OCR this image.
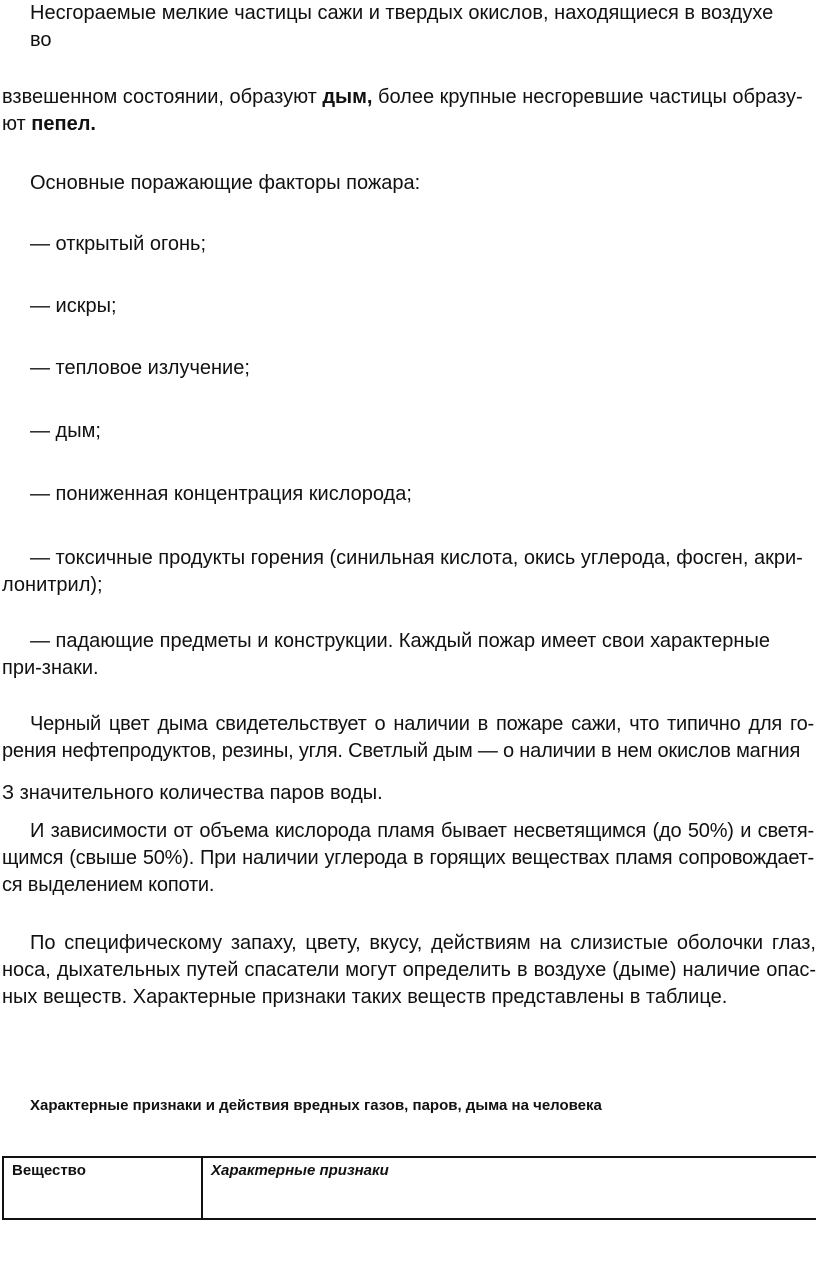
Несгораемые мелкие частицы сажи и твердых окислов, находящиеся в воздухе

во

взвешенном состоянии, образуют дым, более крупные несгоревшие частицы образу-ют пепел.

Основные поражающие факторы пожара:

— открытый огонь;

— искры;

— тепловое излучение;

— дым;

— пониженная концентрация кислорода;

— токсичные продукты горения (синильная кислота, окись углерода, фосген, акри-лонитрил);

— падающие предметы и конструкции. Каждый пожар имеет свои характерные при-знаки.

Черный цвет дыма свидетельствует о наличии в пожаре сажи, что типично для го-рения нефтепродуктов, резины, угля. Светлый дым — о наличии в нем окислов магния

З значительного количества паров воды.

И зависимости от объема кислорода пламя бывает несветящимся (до 50%) и светя-щимся (свыше 50%). При наличии углерода в горящих веществах пламя сопровождает-ся выделением копоти.

По специфическому запаху, цвету, вкусу, действиям на слизистые оболочки глаз, носа, дыхательных путей спасатели могут определить в воздухе (дыме) наличие опас-ных веществ. Характерные признаки таких веществ представлены в таблице.

Характерные признаки и действия вредных газов, паров, дыма на человека
Вещество	Характерные признаки
